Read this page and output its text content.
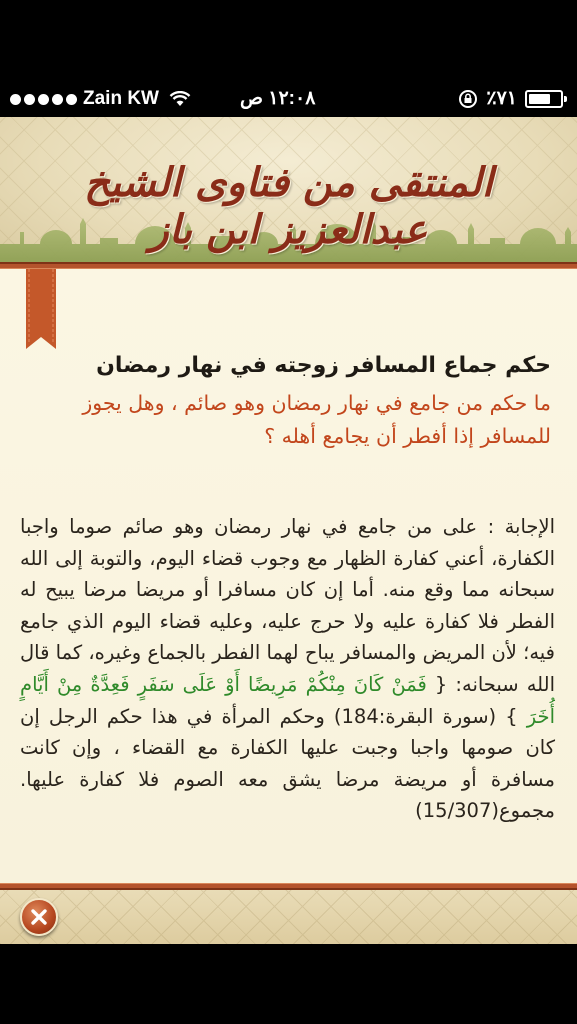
Zain KW	١٢:٠٨ ص	٪٧١
المنتقى من فتاوى الشيخ عبدالعزيز ابن باز
حكم جماع المسافر زوجته في نهار رمضان
ما حكم من جامع في نهار رمضان وهو صائم ، وهل يجوز للمسافر إذا أفطر أن يجامع أهله ؟
الإجابة : على من جامع في نهار رمضان وهو صائم صوما واجبا الكفارة، أعني كفارة الظهار مع وجوب قضاء اليوم، والتوبة إلى الله سبحانه مما وقع منه. أما إن كان مسافرا أو مريضا مرضا يبيح له الفطر فلا كفارة عليه ولا حرج عليه، وعليه قضاء اليوم الذي جامع فيه؛ لأن المريض والمسافر يباح لهما الفطر بالجماع وغيره، كما قال الله سبحانه: { فَمَنْ كَانَ مِنْكُمْ مَرِيضًا أَوْ عَلَى سَفَرٍ فَعِدَّةٌ مِنْ أَيَّامٍ أُخَرَ } (سورة البقرة:184) وحكم المرأة في هذا حكم الرجل إن كان صومها واجبا وجبت عليها الكفارة مع القضاء ، وإن كانت مسافرة أو مريضة مرضا يشق معه الصوم فلا كفارة عليها. مجموع(15/307)
